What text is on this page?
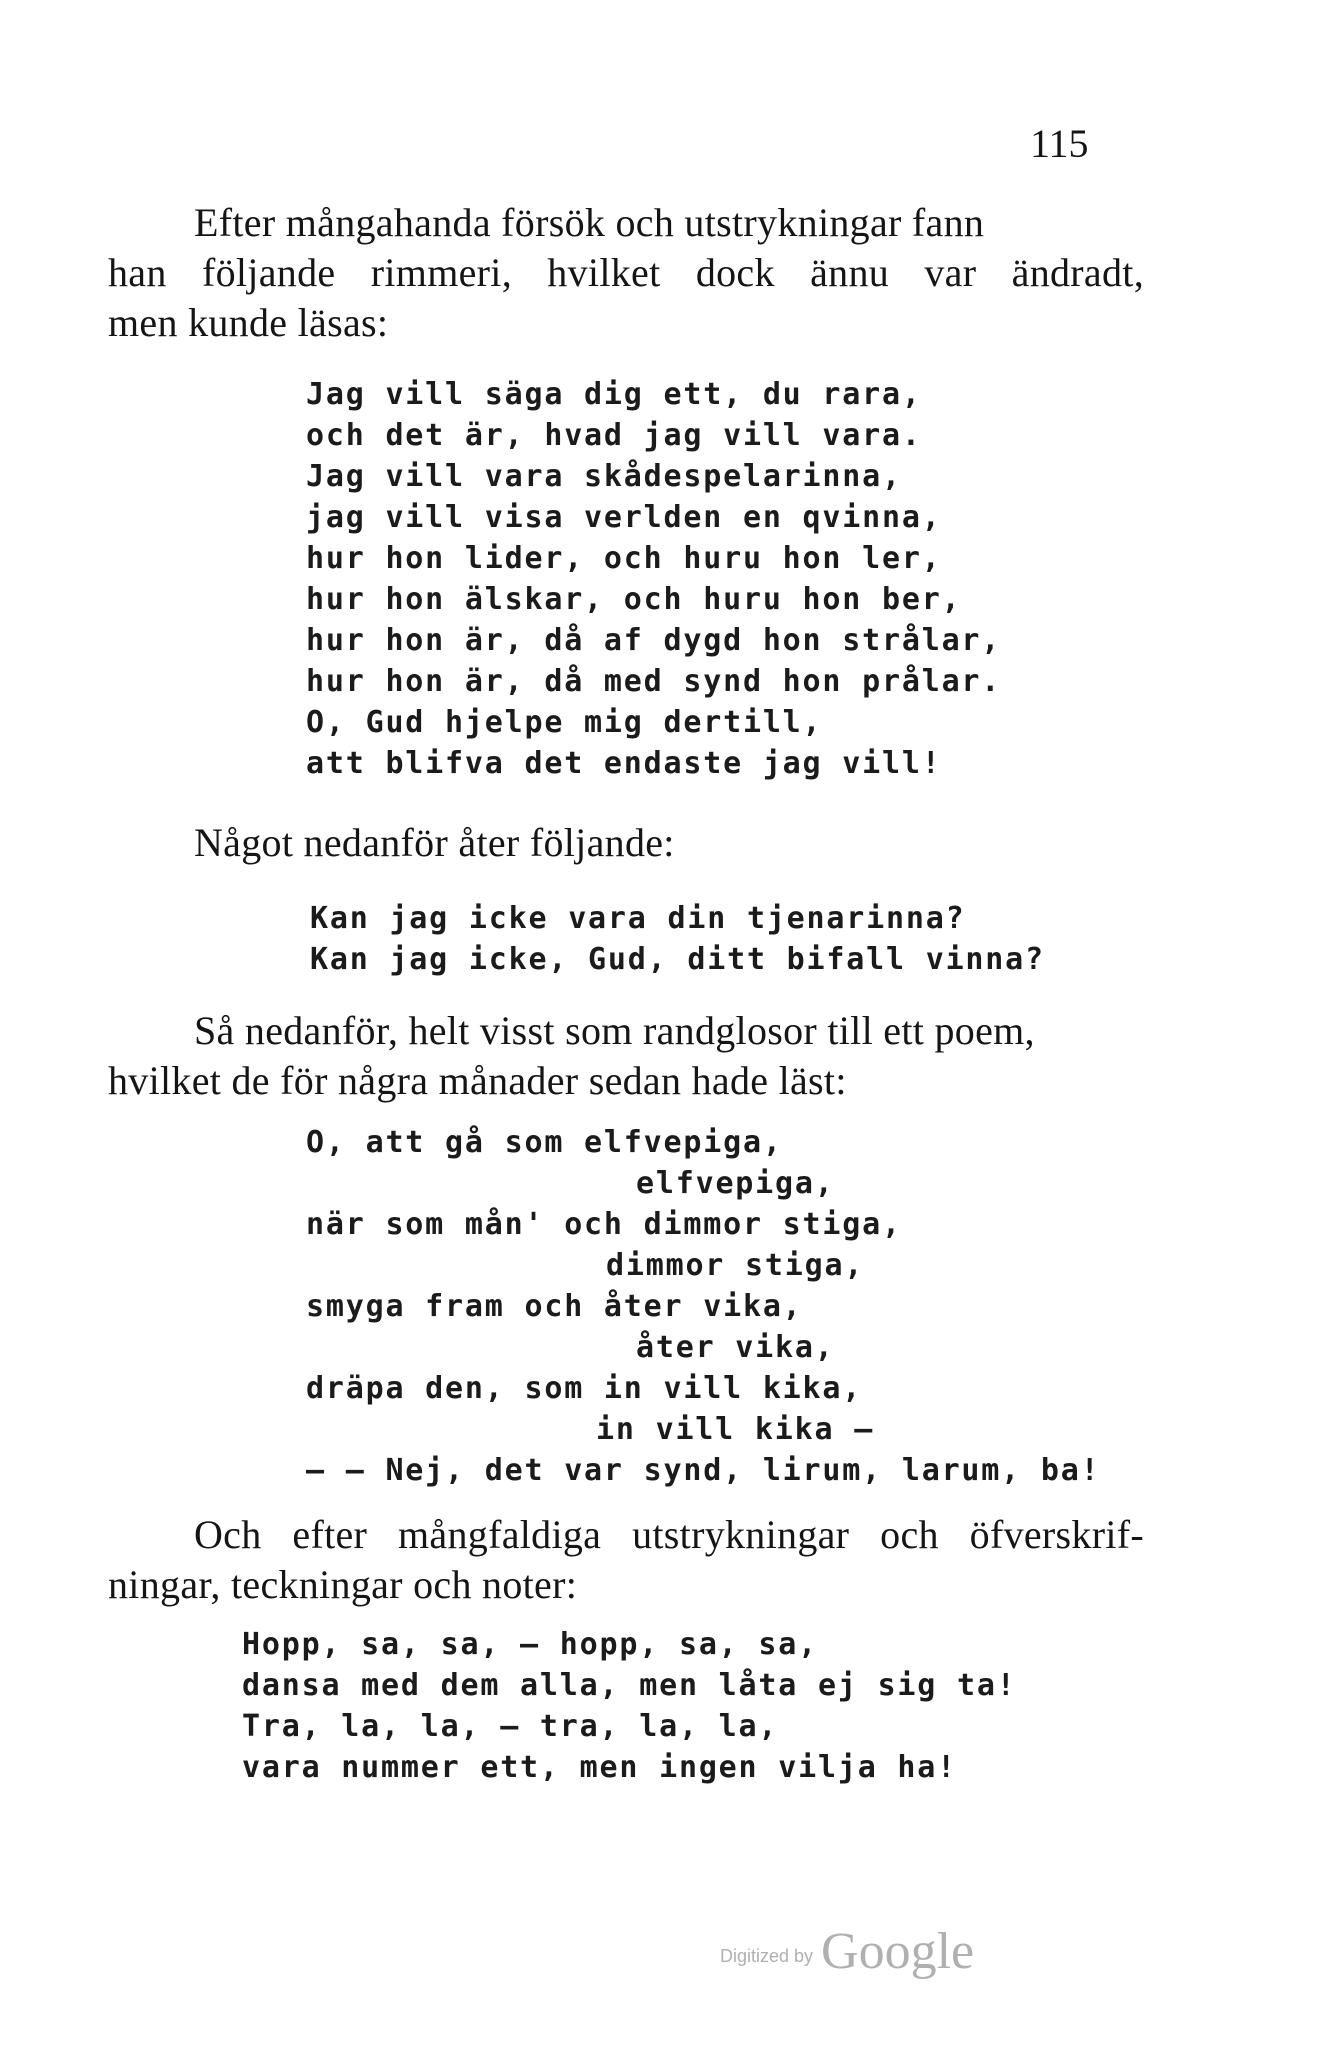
115
Efter mångahanda försök och utstrykningar fann
han följande rimmeri, hvilket dock ännu var ändradt,
men kunde läsas:
Jag vill säga dig ett, du rara,
och det är, hvad jag vill vara.
Jag vill vara skådespelarinna,
jag vill visa verlden en qvinna,
hur hon lider, och huru hon ler,
hur hon älskar, och huru hon ber,
hur hon är, då af dygd hon strålar,
hur hon är, då med synd hon prålar.
O, Gud hjelpe mig dertill,
att blifva det endaste jag vill!
Något nedanför åter följande:
Kan jag icke vara din tjenarinna?
Kan jag icke, Gud, ditt bifall vinna?
Så nedanför, helt visst som randglosor till ett poem,
hvilket de för några månader sedan hade läst:
O, att gå som elfvepiga,
elfvepiga,
när som mån' och dimmor stiga,
dimmor stiga,
smyga fram och åter vika,
åter vika,
dräpa den, som in vill kika,
in vill kika —
— — Nej, det var synd, lirum, larum, ba!
Och efter mångfaldiga utstrykningar och öfverskrif-
ningar, teckningar och noter:
Hopp, sa, sa, — hopp, sa, sa,
dansa med dem alla, men låta ej sig ta!
Tra, la, la, — tra, la, la,
vara nummer ett, men ingen vilja ha!
Digitized by Google
